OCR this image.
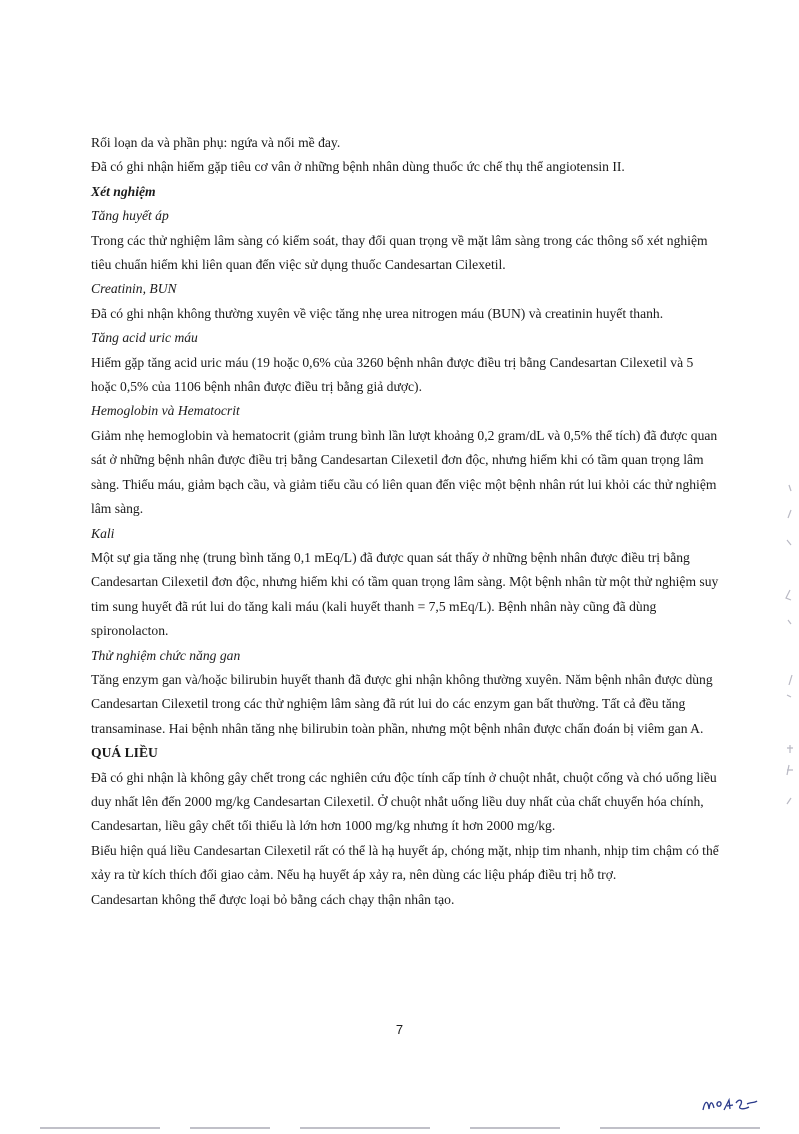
Rối loạn da và phần phụ: ngứa và nổi mề đay.

Đã có ghi nhận hiếm gặp tiêu cơ vân ở những bệnh nhân dùng thuốc ức chế thụ thể angiotensin II.

Xét nghiệm

Tăng huyết áp

Trong các thử nghiệm lâm sàng có kiểm soát, thay đổi quan trọng về mặt lâm sàng trong các thông số xét nghiệm tiêu chuẩn hiếm khi liên quan đến việc sử dụng thuốc Candesartan Cilexetil.

Creatinin, BUN

Đã có ghi nhận không thường xuyên về việc tăng nhẹ urea nitrogen máu (BUN) và creatinin huyết thanh.

Tăng acid uric máu

Hiếm gặp tăng acid uric máu (19 hoặc 0,6% của 3260 bệnh nhân được điều trị bằng Candesartan Cilexetil và 5 hoặc 0,5% của 1106 bệnh nhân được điều trị bằng giả dược).

Hemoglobin và Hematocrit

Giảm nhẹ hemoglobin và hematocrit (giảm trung bình lần lượt khoảng 0,2 gram/dL và 0,5% thể tích) đã được quan sát ở những bệnh nhân được điều trị bằng Candesartan Cilexetil đơn độc, nhưng hiếm khi có tầm quan trọng lâm sàng. Thiếu máu, giảm bạch cầu, và giảm tiểu cầu có liên quan đến việc một bệnh nhân rút lui khỏi các thử nghiệm lâm sàng.

Kali

Một sự gia tăng nhẹ (trung bình tăng 0,1 mEq/L) đã được quan sát thấy ở những bệnh nhân được điều trị bằng Candesartan Cilexetil đơn độc, nhưng hiếm khi có tầm quan trọng lâm sàng. Một bệnh nhân từ một thử nghiệm suy tim sung huyết đã rút lui do tăng kali máu (kali huyết thanh = 7,5 mEq/L). Bệnh nhân này cũng đã dùng spironolacton.

Thử nghiệm chức năng gan

Tăng enzym gan và/hoặc bilirubin huyết thanh đã được ghi nhận không thường xuyên. Năm bệnh nhân được dùng Candesartan Cilexetil trong các thử nghiệm lâm sàng đã rút lui do các enzym gan bất thường. Tất cả đều tăng transaminase. Hai bệnh nhân tăng nhẹ bilirubin toàn phần, nhưng một bệnh nhân được chẩn đoán bị viêm gan A.

QUÁ LIỀU

Đã có ghi nhận là không gây chết trong các nghiên cứu độc tính cấp tính ở chuột nhắt, chuột cống và chó uống liều duy nhất lên đến 2000 mg/kg Candesartan Cilexetil. Ở chuột nhắt uống liều duy nhất của chất chuyển hóa chính, Candesartan, liều gây chết tối thiểu là lớn hơn 1000 mg/kg nhưng ít hơn 2000 mg/kg.

Biểu hiện quá liều Candesartan Cilexetil rất có thể là hạ huyết áp, chóng mặt, nhịp tim nhanh, nhịp tim chậm có thể xảy ra từ kích thích đối giao cảm. Nếu hạ huyết áp xảy ra, nên dùng các liệu pháp điều trị hỗ trợ.

Candesartan không thể được loại bỏ bằng cách chạy thận nhân tạo.

7
